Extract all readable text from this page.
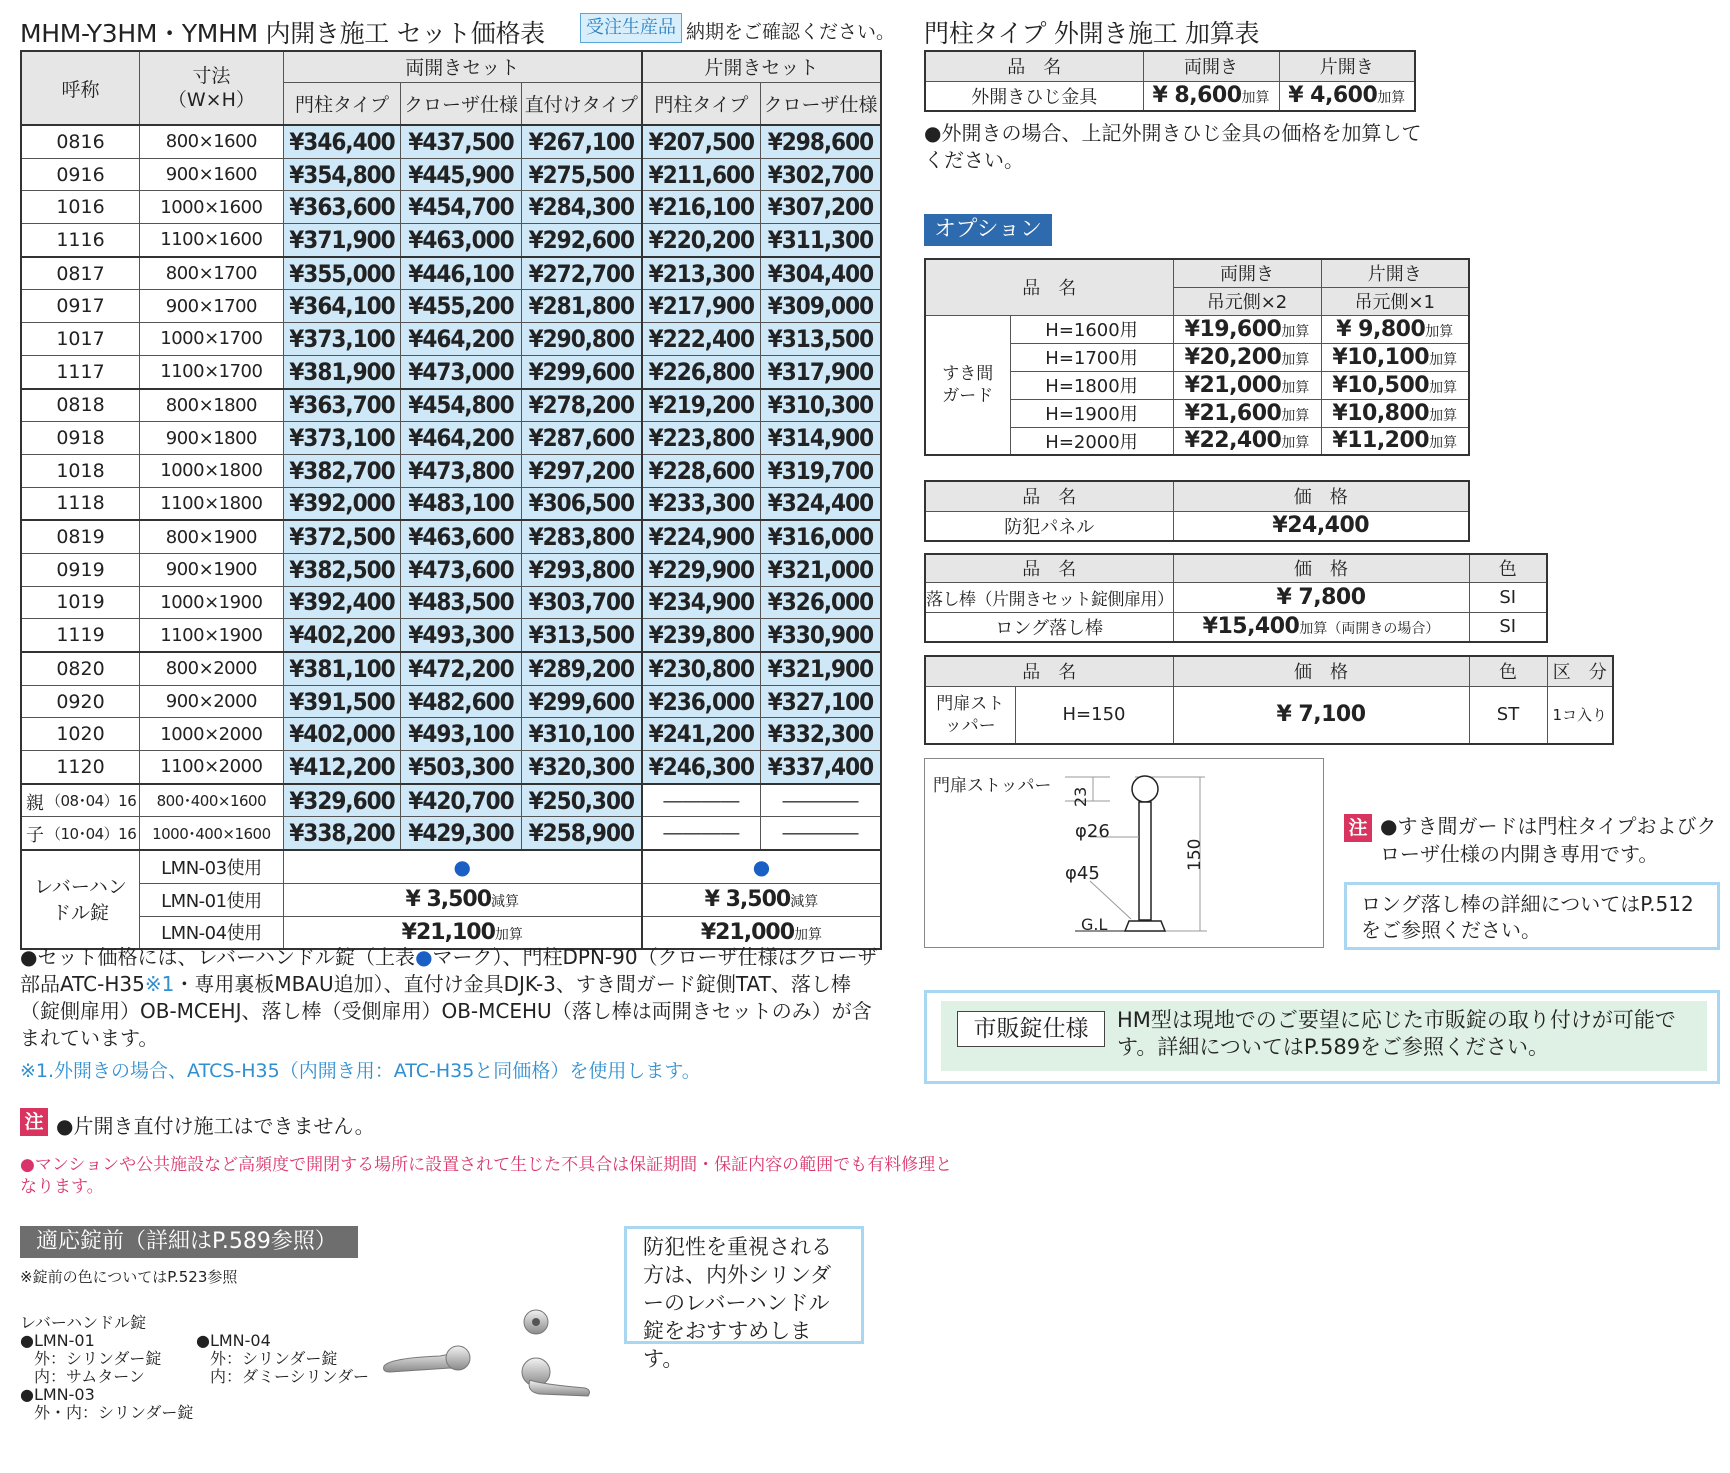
MHM-Y3HM・YMHM 内開き施工 セット価格表	受注生産品 納期をご確認ください。
呼称	寸法（W×H）	両開きセット			片開きセット	
		門柱タイプ	クローザ仕様	直付けタイプ	門柱タイプ	クローザ仕様
0816	800×1600	¥346,400	¥437,500	¥267,100	¥207,500	¥298,600
0916	900×1600	¥354,800	¥445,900	¥275,500	¥211,600	¥302,700
1016	1000×1600	¥363,600	¥454,700	¥284,300	¥216,100	¥307,200
1116	1100×1600	¥371,900	¥463,000	¥292,600	¥220,200	¥311,300
0817	800×1700	¥355,000	¥446,100	¥272,700	¥213,300	¥304,400
0917	900×1700	¥364,100	¥455,200	¥281,800	¥217,900	¥309,000
1017	1000×1700	¥373,100	¥464,200	¥290,800	¥222,400	¥313,500
1117	1100×1700	¥381,900	¥473,000	¥299,600	¥226,800	¥317,900
0818	800×1800	¥363,700	¥454,800	¥278,200	¥219,200	¥310,300
0918	900×1800	¥373,100	¥464,200	¥287,600	¥223,800	¥314,900
1018	1000×1800	¥382,700	¥473,800	¥297,200	¥228,600	¥319,700
1118	1100×1800	¥392,000	¥483,100	¥306,500	¥233,300	¥324,400
0819	800×1900	¥372,500	¥463,600	¥283,800	¥224,900	¥316,000
0919	900×1900	¥382,500	¥473,600	¥293,800	¥229,900	¥321,000
1019	1000×1900	¥392,400	¥483,500	¥303,700	¥234,900	¥326,000
1119	1100×1900	¥402,200	¥493,300	¥313,500	¥239,800	¥330,900
0820	800×2000	¥381,100	¥472,200	¥289,200	¥230,800	¥321,900
0920	900×2000	¥391,500	¥482,600	¥299,600	¥236,000	¥327,100
1020	1000×2000	¥402,000	¥493,100	¥310,100	¥241,200	¥332,300
1120	1100×2000	¥412,200	¥503,300	¥320,300	¥246,300	¥337,400

親 （08･04）16	800･400×1600	¥329,600	¥420,700	¥250,300	――――	――――

子 （10･04）16	1000･400×1600	¥338,200	¥429,300	¥258,900	――――	――――
レバーハンドル錠	LMN-03使用	●			●	
	LMN-01使用	¥ 3,500減算			¥ 3,500減算	
	LMN-04使用	¥21,100加算			¥21,000加算	
●セット価格には、レバーハンドル錠（上表●マーク）、門柱DPN-90（クローザ仕様はクローザ部品ATC-H35※1・専用裏板MBAU追加）、直付け金具DJK-3、すき間ガード錠側TAT、落し棒（錠側扉用）OB-MCEHJ、落し棒（受側扉用）OB-MCEHU（落し棒は両開きセットのみ）が含まれています。
※1.外開きの場合、ATCS-H35（内開き用：ATC-H35と同価格）を使用します。
注 ●片開き直付け施工はできません。
●マンションや公共施設など高頻度で開閉する場所に設置されて生じた不具合は保証期間・保証内容の範囲でも有料修理となります。
適応錠前（詳細はP.589参照）
※錠前の色についてはP.523参照
レバーハンドル錠
●LMN-01
外：シリンダー錠
内：サムターン
●LMN-03
外・内：シリンダー錠
●LMN-04
外：シリンダー錠
内：ダミーシリンダー
防犯性を重視される方は、内外シリンダーのレバーハンドル錠をおすすめします。
門柱タイプ 外開き施工 加算表
品　名	両開き	片開き
外開きひじ金具	¥ 8,600加算	¥ 4,600加算
●外開きの場合、上記外開きひじ金具の価格を加算してください。
オプション
品　名		両開き	片開き
		吊元側×2	吊元側×1
すき間ガード	H=1600用	¥19,600加算	¥ 9,800加算
	H=1700用	¥20,200加算	¥10,100加算
	H=1800用	¥21,000加算	¥10,500加算
	H=1900用	¥21,600加算	¥10,800加算
	H=2000用	¥22,400加算	¥11,200加算
品　名	価　格
防犯パネル	¥24,400
品　名	価　格	色
落し棒（片開きセット錠側扉用）	¥ 7,800	SI
ロング落し棒	¥15,400加算（両開きの場合）	SI
品　名		価　格	色	区　分
門扉ストッパー	H=150	¥ 7,100	ST	1コ入り
門扉ストッパー
23
φ26
φ45
150
G.L
注 ●すき間ガードは門柱タイプおよびクローザ仕様の内開き専用です。
ロング落し棒の詳細についてはP.512をご参照ください。
市販錠仕様	HM型は現地でのご要望に応じた市販錠の取り付けが可能です。詳細についてはP.589をご参照ください。
